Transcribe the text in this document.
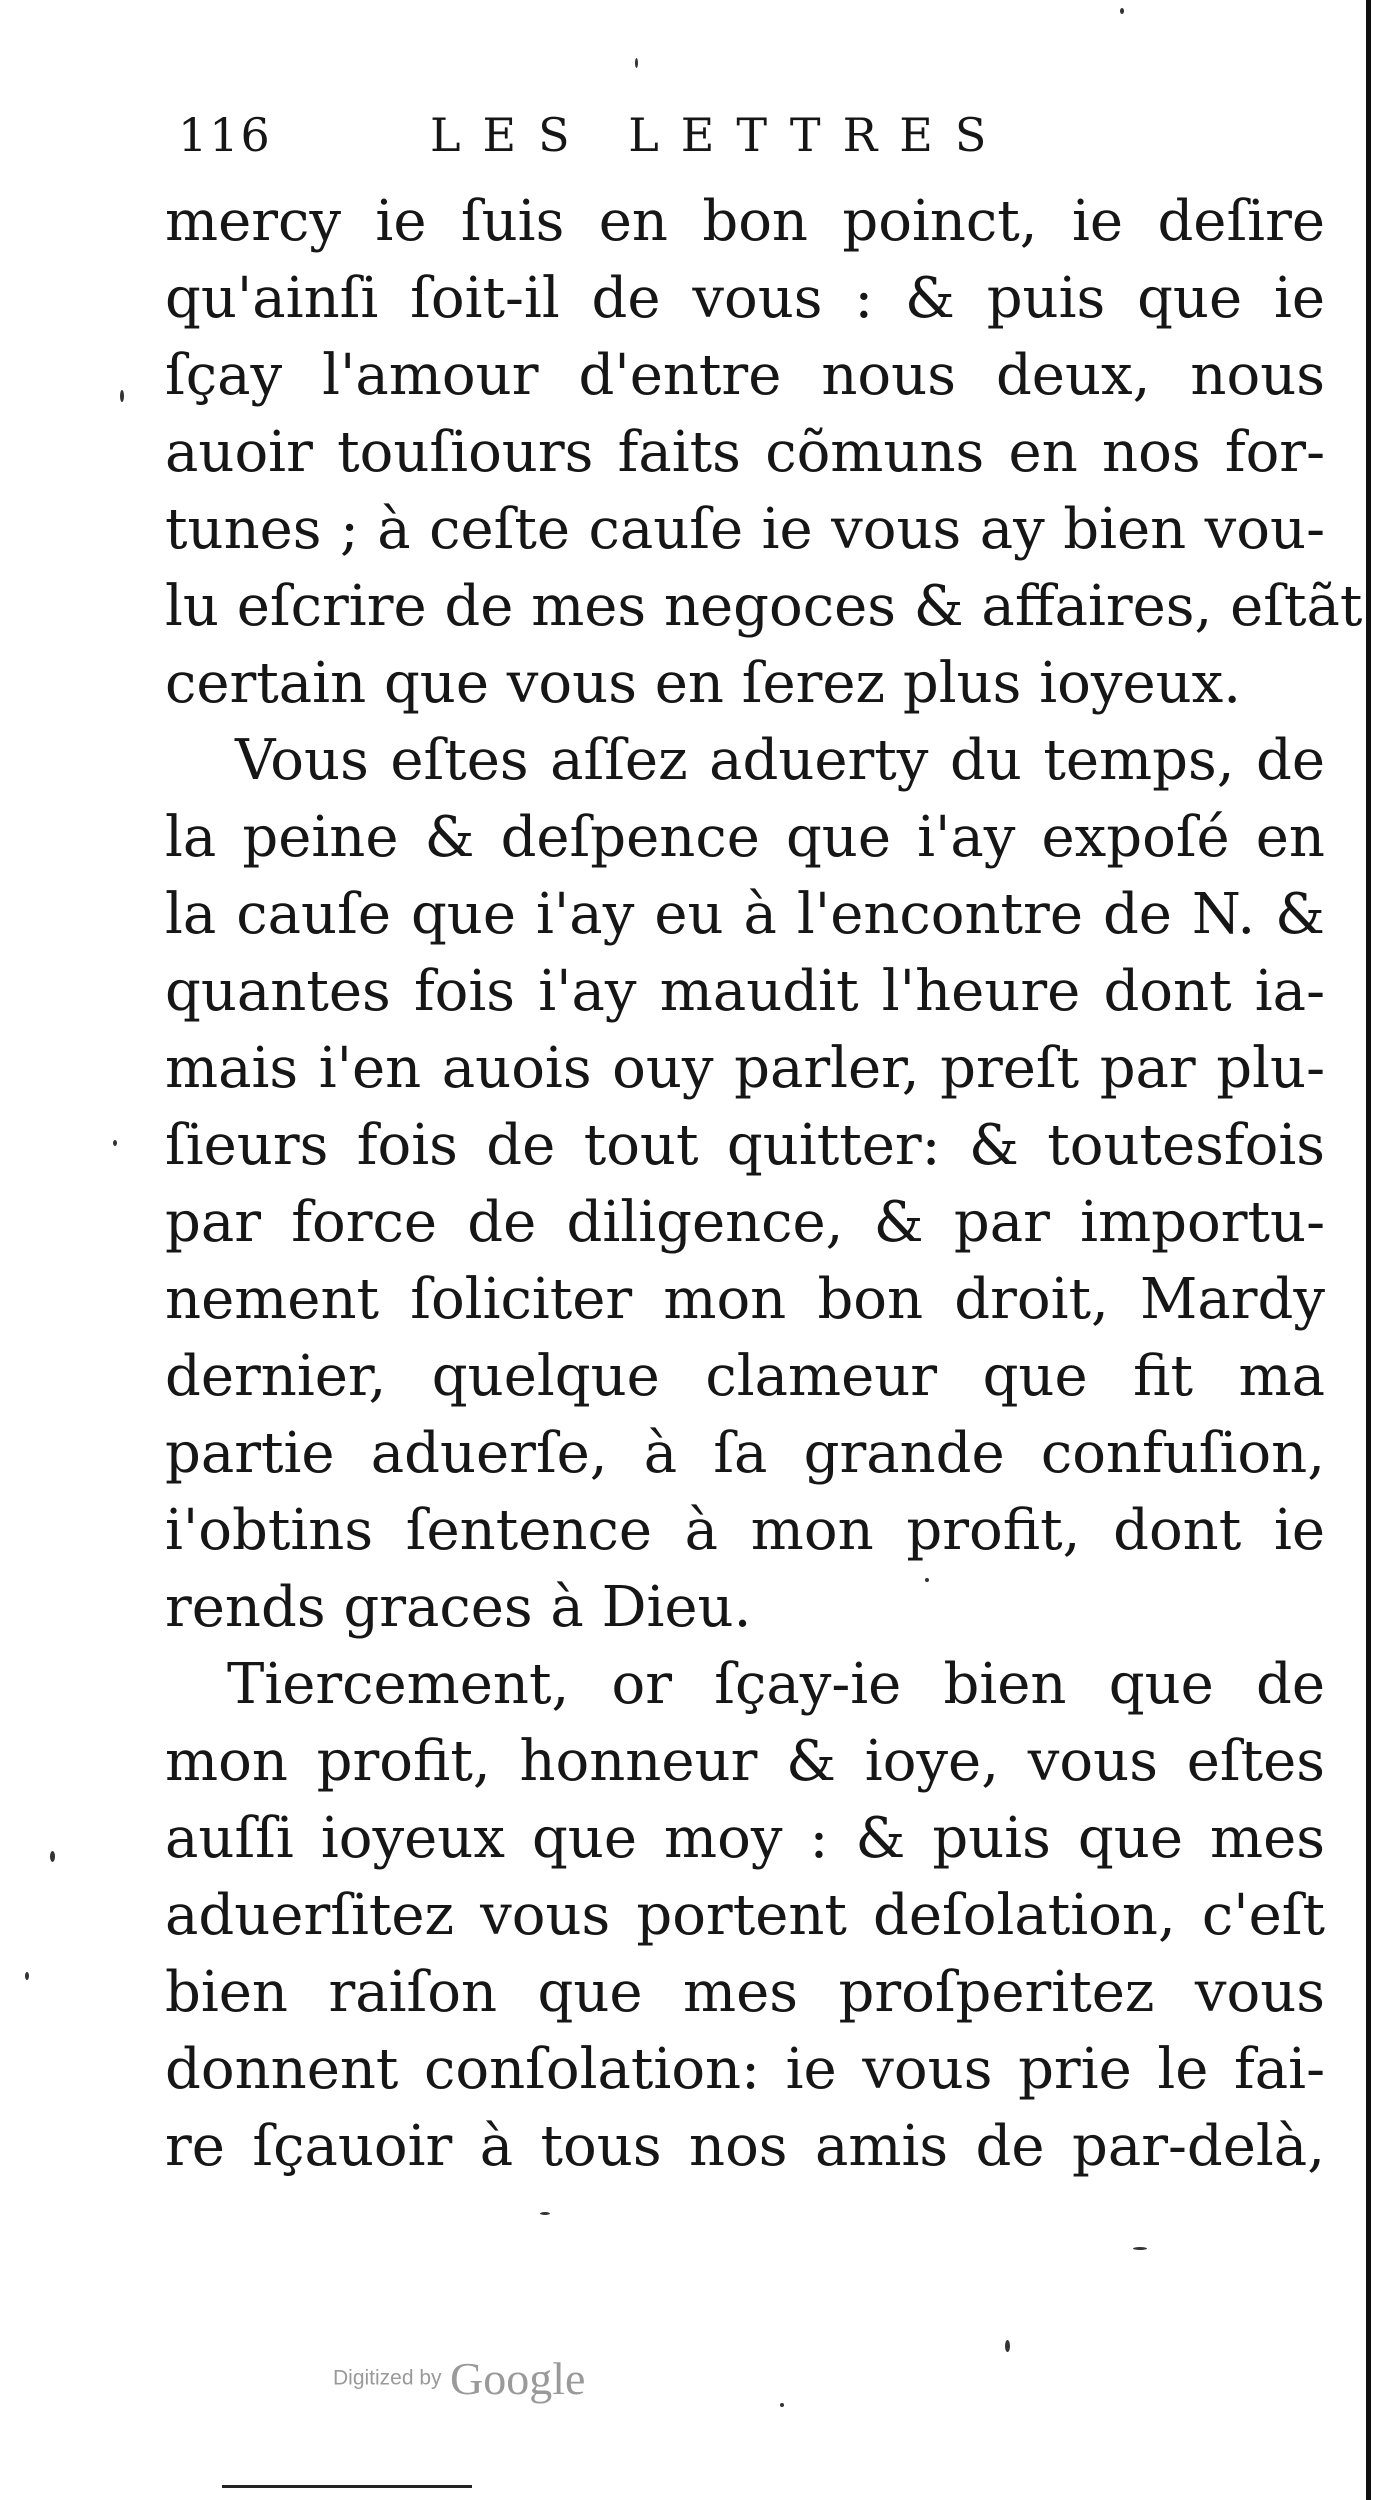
116	LES LETTRES
mercy ie ſuis en bon poinct, ie deſire
qu'ainſi ſoit-il de vous : & puis que ie
ſçay l'amour d'entre nous deux, nous
auoir touſiours faits cõmuns en nos for-
tunes ; à ceſte cauſe ie vous ay bien vou-
lu eſcrire de mes negoces & affaires, eſtãt
certain que vous en ſerez plus ioyeux.
Vous eſtes aſſez aduerty du temps, de
la peine & deſpence que i'ay expoſé en
la cauſe que i'ay eu à l'encontre de N. &
quantes fois i'ay maudit l'heure dont ia-
mais i'en auois ouy parler, preſt par plu-
ſieurs fois de tout quitter: & toutesfois
par force de diligence, & par importu-
nement ſoliciter mon bon droit, Mardy
dernier, quelque clameur que fit ma
partie aduerſe, à ſa grande confuſion,
i'obtins ſentence à mon profit, dont ie
rends graces à Dieu.
Tiercement, or ſçay-ie bien que de
mon profit, honneur & ioye, vous eſtes
auſſi ioyeux que moy : & puis que mes
aduerſitez vous portent deſolation, c'eſt
bien raiſon que mes proſperitez vous
donnent conſolation: ie vous prie le fai-
re ſçauoir à tous nos amis de par-delà,
Digitized by Google
